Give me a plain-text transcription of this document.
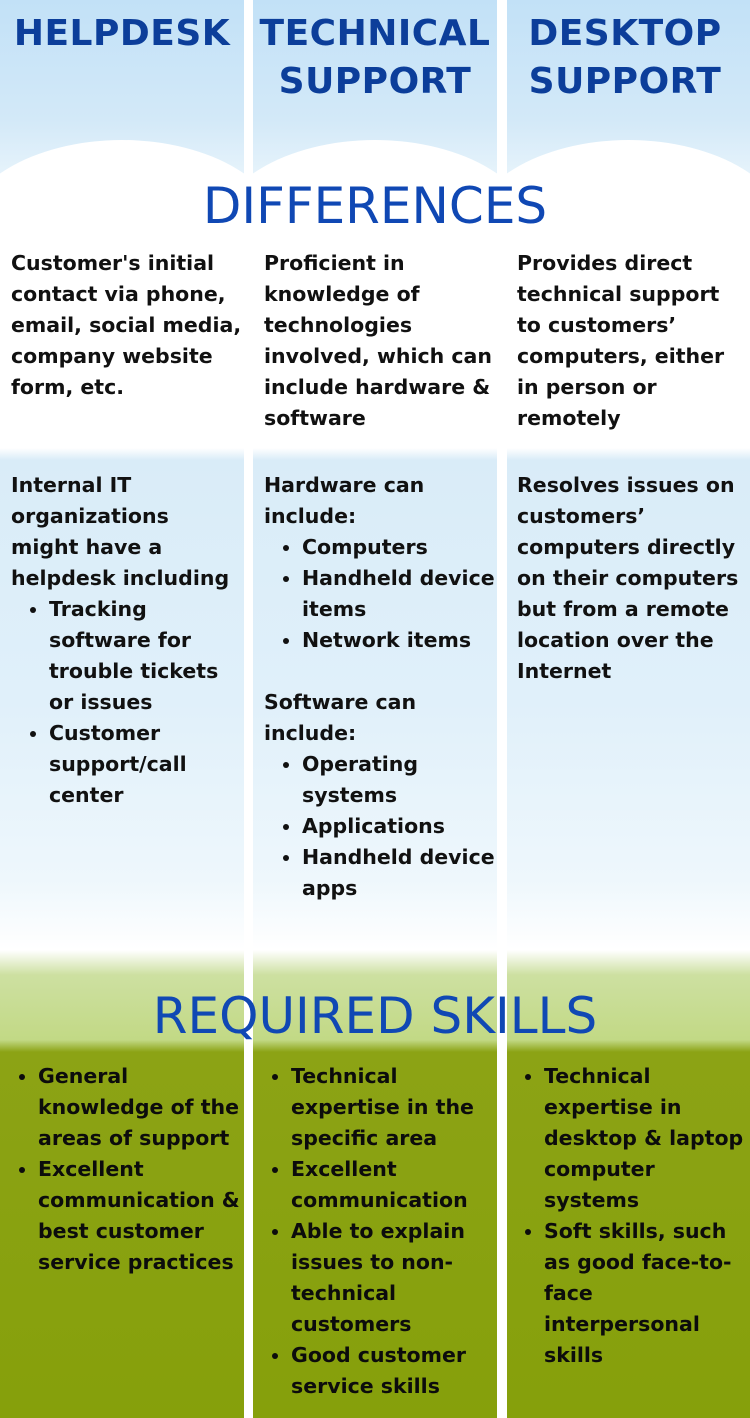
HELPDESK TECHNICAL
SUPPORT
DESKTOP
SUPPORT
DIFFERENCES
REQUIRED SKILLS

Customer's initial contact via phone, email, social media, company website form, etc.

Proficient in knowledge of technologies involved, which can include hardware & software

Provides direct technical support to customers’ computers, either in person or remotely

Internal IT organizations might have a helpdesk including

• Tracking software for trouble tickets or issues
• Customer support/call center

Hardware can include:

• Computers
• Handheld device items
• Network items

Software can include:

• Operating systems
• Applications
• Handheld device apps

Resolves issues on customers’ computers directly on their computers but from a remote location over the Internet

• General knowledge of the areas of support
• Excellent communication & best customer service practices
• Technical expertise in the specific area
• Excellent communication
• Able to explain issues to non-technical customers
• Good customer service skills
• Technical expertise in desktop & laptop computer systems
• Soft skills, such as good face-to-face interpersonal skills
